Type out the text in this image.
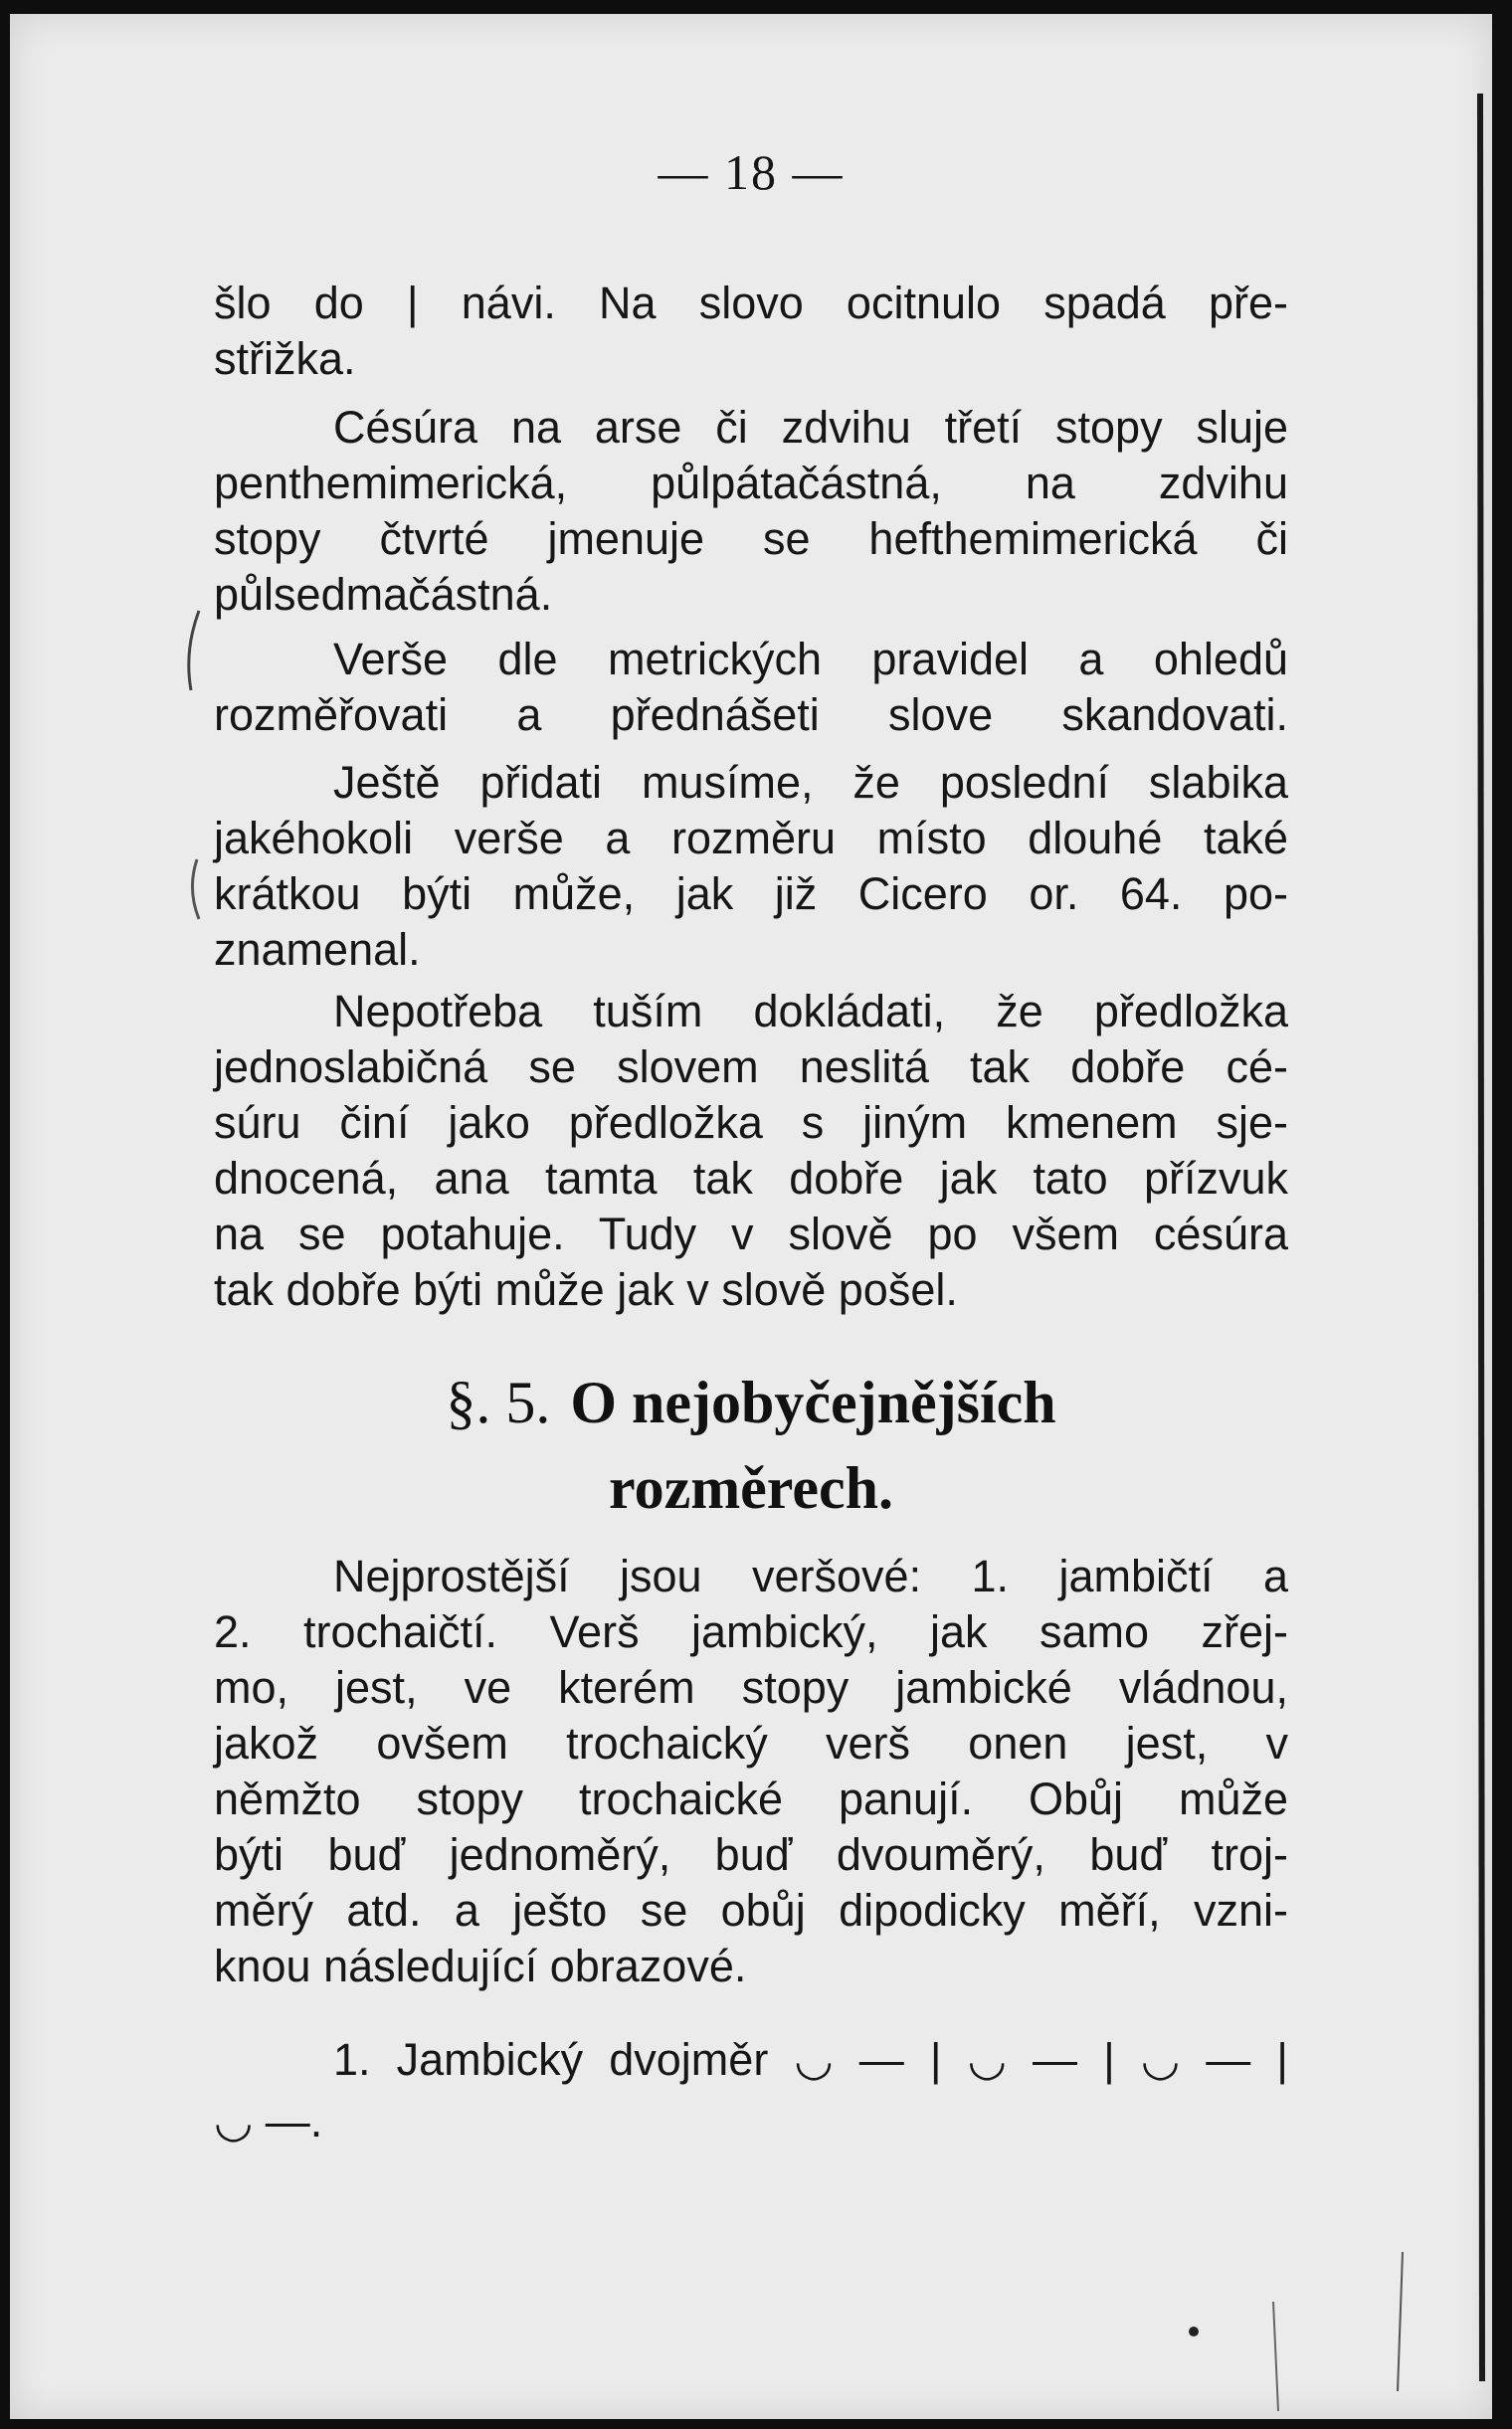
— 18 —
šlo do | návi. Na slovo ocitnulo spadá pře-
střižka.
Césúra na arse či zdvihu třetí stopy sluje
penthemimerická, půlpátačástná, na zdvihu
stopy čtvrté jmenuje se hefthemimerická či
půlsedmačástná.
Verše dle metrických pravidel a ohledů
rozměřovati a přednášeti slove skandovati.
Ještě přidati musíme, že poslední slabika
jakéhokoli verše a rozměru místo dlouhé také
krátkou býti může, jak již Cicero or. 64. po-
znamenal.
Nepotřeba tuším dokládati, že předložka
jednoslabičná se slovem neslitá tak dobře cé-
súru činí jako předložka s jiným kmenem sje-
dnocená, ana tamta tak dobře jak tato přízvuk
na se potahuje. Tudy v slově po všem césúra
tak dobře býti může jak v slově pošel.
§. 5. O nejobyčejnějších
rozměrech.
Nejprostější jsou veršové: 1. jambičtí a
2. trochaičtí. Verš jambický, jak samo zřej-
mo, jest, ve kterém stopy jambické vládnou,
jakož ovšem trochaický verš onen jest, v
němžto stopy trochaické panují. Obůj může
býti buď jednoměrý, buď dvouměrý, buď troj-
měrý atd. a ješto se obůj dipodicky měří, vzni-
knou následující obrazové.
1. Jambický dvojměr ◡ — | ◡ — | ◡ — |
◡ —.
